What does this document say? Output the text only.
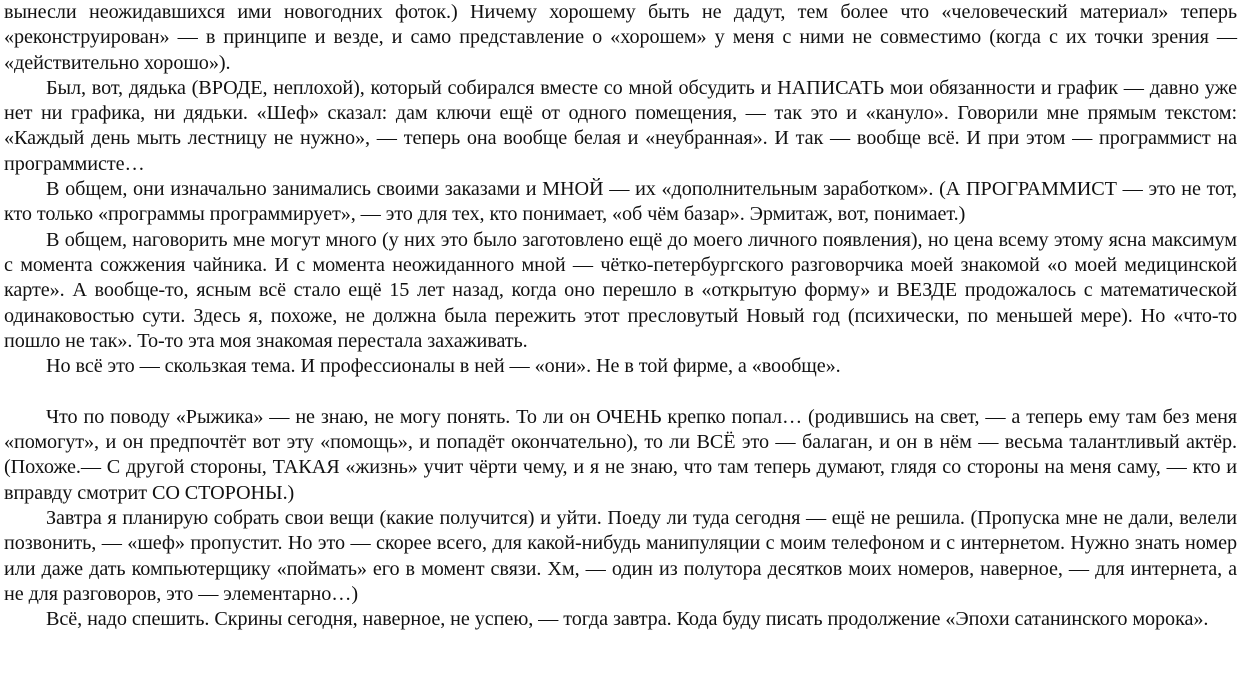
вынесли неожидавшихся ими новогодних фоток.) Ничему хорошему быть не дадут, тем более что «человеческий материал» теперь «реконструирован» — в принципе и везде, и само представление о «хорошем» у меня с ними не совместимо (когда с их точки зрения — «действительно хорошо»).

Был, вот, дядька (ВРОДЕ, неплохой), который собирался вместе со мной обсудить и НАПИСАТЬ мои обязанности и график — давно уже нет ни графика, ни дядьки. «Шеф» сказал: дам ключи ещё от одного помещения, — так это и «кануло». Говорили мне прямым текстом: «Каждый день мыть лестницу не нужно», — теперь она вообще белая и «неубранная». И так — вообще всё. И при этом — программист на программисте…

В общем, они изначально занимались своими заказами и МНОЙ — их «дополнительным заработком». (А ПРОГРАММИСТ — это не тот, кто только «программы программирует», — это для тех, кто понимает, «об чём базар». Эрмитаж, вот, понимает.)

В общем, наговорить мне могут много (у них это было заготовлено ещё до моего личного появления), но цена всему этому ясна максимум с момента сожжения чайника. И с момента неожиданного мной — чётко-петербургского разговорчика моей знакомой «о моей медицинской карте». А вообще-то, ясным всё стало ещё 15 лет назад, когда оно перешло в «открытую форму» и ВЕЗДЕ продожалось с математической одинаковостью сути. Здесь я, похоже, не должна была пережить этот пресловутый Новый год (психически, по меньшей мере). Но «что-то пошло не так». То-то эта моя знакомая перестала захаживать.

Но всё это — скользкая тема. И профессионалы в ней — «они». Не в той фирме, а «вообще».

Что по поводу «Рыжика» — не знаю, не могу понять. То ли он ОЧЕНЬ крепко попал… (родившись на свет, — а теперь ему там без меня «помогут», и он предпочтёт вот эту «помощь», и попадёт окончательно), то ли ВСЁ это — балаган, и он в нём — весьма талантливый актёр. (Похоже.— С другой стороны, ТАКАЯ «жизнь» учит чёрти чему, и я не знаю, что там теперь думают, глядя со стороны на меня саму, — кто и вправду смотрит СО СТОРОНЫ.)

Завтра я планирую собрать свои вещи (какие получится) и уйти. Поеду ли туда сегодня — ещё не решила. (Пропуска мне не дали, велели позвонить, — «шеф» пропустит. Но это — скорее всего, для какой-нибудь манипуляции с моим телефоном и с интернетом. Нужно знать номер или даже дать компьютерщику «поймать» его в момент связи. Хм, — один из полутора десятков моих номеров, наверное, — для интернета, а не для разговоров, это — элементарно…)

Всё, надо спешить. Скрины сегодня, наверное, не успею, — тогда завтра. Кода буду писать продолжение «Эпохи сатанинского морока».
